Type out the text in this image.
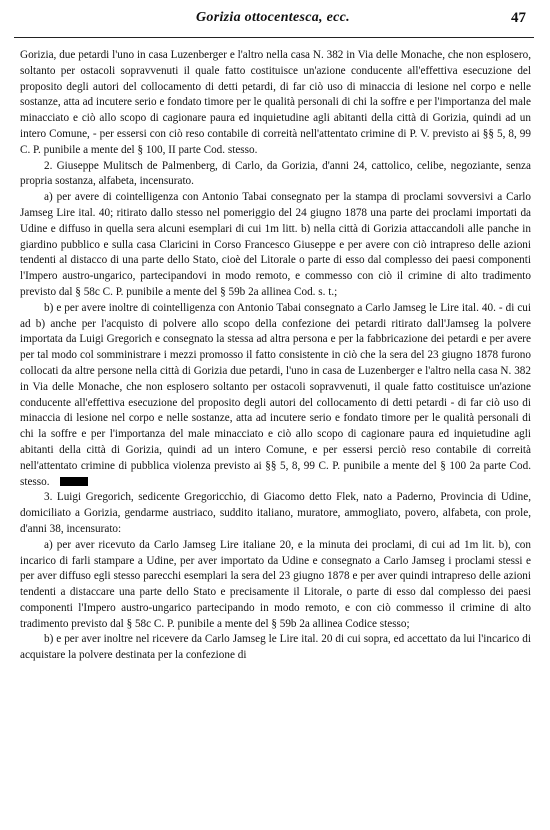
Gorizia ottocentesca, ecc.	47

Gorizia, due petardi l'uno in casa Luzenberger e l'altro nella casa N. 382 in Via delle Monache, che non esplosero, soltanto per ostacoli sopravvenuti il quale fatto costituisce un'azione conducente all'effettiva esecuzione del proposito degli autori del collocamento di detti petardi, di far ciò uso di minaccia di lesione nel corpo e nelle sostanze, atta ad incutere serio e fondato timore per le qualità personali di chi la soffre e per l'importanza del male minacciato e ciò allo scopo di cagionare paura ed inquietudine agli abitanti della città di Gorizia, quindi ad un intero Comune, - per essersi con ciò reso contabile di correità nell'attentato crimine di P. V. previsto ai §§ 5, 8, 99 C. P. punibile a mente del § 100, II parte Cod. stesso.

2. Giuseppe Mulitsch de Palmenberg, di Carlo, da Gorizia, d'anni 24, cattolico, celibe, negoziante, senza propria sostanza, alfabeta, incensurato.

a) per avere di cointelligenza con Antonio Tabai consegnato per la stampa di proclami sovversivi a Carlo Jamseg Lire ital. 40; ritirato dallo stesso nel pomeriggio del 24 giugno 1878 una parte dei proclami importati da Udine e diffuso in quella sera alcuni esemplari di cui 1m litt. b) nella città di Gorizia attaccandoli alle panche in giardino pubblico e sulla casa Claricini in Corso Francesco Giuseppe e per avere con ciò intrapreso delle azioni tendenti al distacco di una parte dello Stato, cioè del Litorale o parte di esso dal complesso dei paesi componenti l'Impero austro-ungarico, partecipandovi in modo remoto, e commesso con ciò il crimine di alto tradimento previsto dal § 58c C. P. punibile a mente del § 59b 2a allinea Cod. s. t.;

b) e per avere inoltre di cointelligenza con Antonio Tabai consegnato a Carlo Jamseg le Lire ital. 40. - di cui ad b) anche per l'acquisto di polvere allo scopo della confezione dei petardi ritirato dall'Jamseg la polvere importata da Luigi Gregorich e consegnato la stessa ad altra persona e per la fabbricazione dei petardi e per avere per tal modo col somministrare i mezzi promosso il fatto consistente in ciò che la sera del 23 giugno 1878 furono collocati da altre persone nella città di Gorizia due petardi, l'uno in casa de Luzenberger e l'altro nella casa N. 382 in Via delle Monache, che non esplosero soltanto per ostacoli sopravvenuti, il quale fatto costituisce un'azione conducente all'effettiva esecuzione del proposito degli autori del collocamento di detti petardi - di far ciò uso di minaccia di lesione nel corpo e nelle sostanze, atta ad incutere serio e fondato timore per le qualità personali di chi la soffre e per l'importanza del male minacciato e ciò allo scopo di cagionare paura ed inquietudine agli abitanti della città di Gorizia, quindi ad un intero Comune, e per essersi perciò reso contabile di correità nell'attentato crimine di pubblica violenza previsto ai §§ 5, 8, 99 C. P. punibile a mente del § 100 2a parte Cod. stesso.

3. Luigi Gregorich, sedicente Gregoricchio, di Giacomo detto Flek, nato a Paderno, Provincia di Udine, domiciliato a Gorizia, gendarme austriaco, suddito italiano, muratore, ammogliato, povero, alfabeta, con prole, d'anni 38, incensurato:

a) per aver ricevuto da Carlo Jamseg Lire italiane 20, e la minuta dei proclami, di cui ad 1m lit. b), con incarico di farli stampare a Udine, per aver importato da Udine e consegnato a Carlo Jamseg i proclami stessi e per aver diffuso egli stesso parecchi esemplari la sera del 23 giugno 1878 e per aver quindi intrapreso delle azioni tendenti a distaccare una parte dello Stato e precisamente il Litorale, o parte di esso dal complesso dei paesi componenti l'Impero austro-ungarico partecipando in modo remoto, e con ciò commesso il crimine di alto tradimento previsto dal § 58c C. P. punibile a mente del § 59b 2a allinea Codice stesso;

b) e per aver inoltre nel ricevere da Carlo Jamseg le Lire ital. 20 di cui sopra, ed accettato da lui l'incarico di acquistare la polvere destinata per la confezione di
